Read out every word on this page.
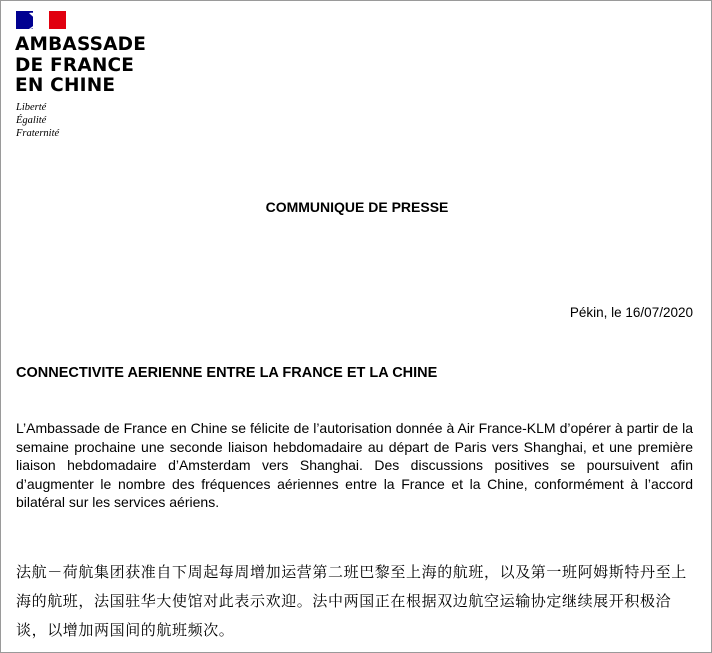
AMBASSADE
DE FRANCE
EN CHINE
Liberté
Égalité
Fraternité
COMMUNIQUE DE PRESSE
Pékin, le 16/07/2020
CONNECTIVITE AERIENNE ENTRE LA FRANCE ET LA CHINE
L’Ambassade de France en Chine se félicite de l’autorisation donnée à Air France-KLM d’opérer à partir de la semaine prochaine une seconde liaison hebdomadaire au départ de Paris vers Shanghai, et une première liaison hebdomadaire d’Amsterdam vers Shanghai. Des discussions positives se poursuivent afin d’augmenter le nombre des fréquences aériennes entre la France et la Chine, conformément à l’accord bilatéral sur les services aériens.
法航－荷航集团获准自下周起每周增加运营第二班巴黎至上海的航班，以及第一班阿姆斯特丹至上海的航班，法国驻华大使馆对此表示欢迎。法中两国正在根据双边航空运输协定继续展开积极洽谈，以增加两国间的航班频次。
